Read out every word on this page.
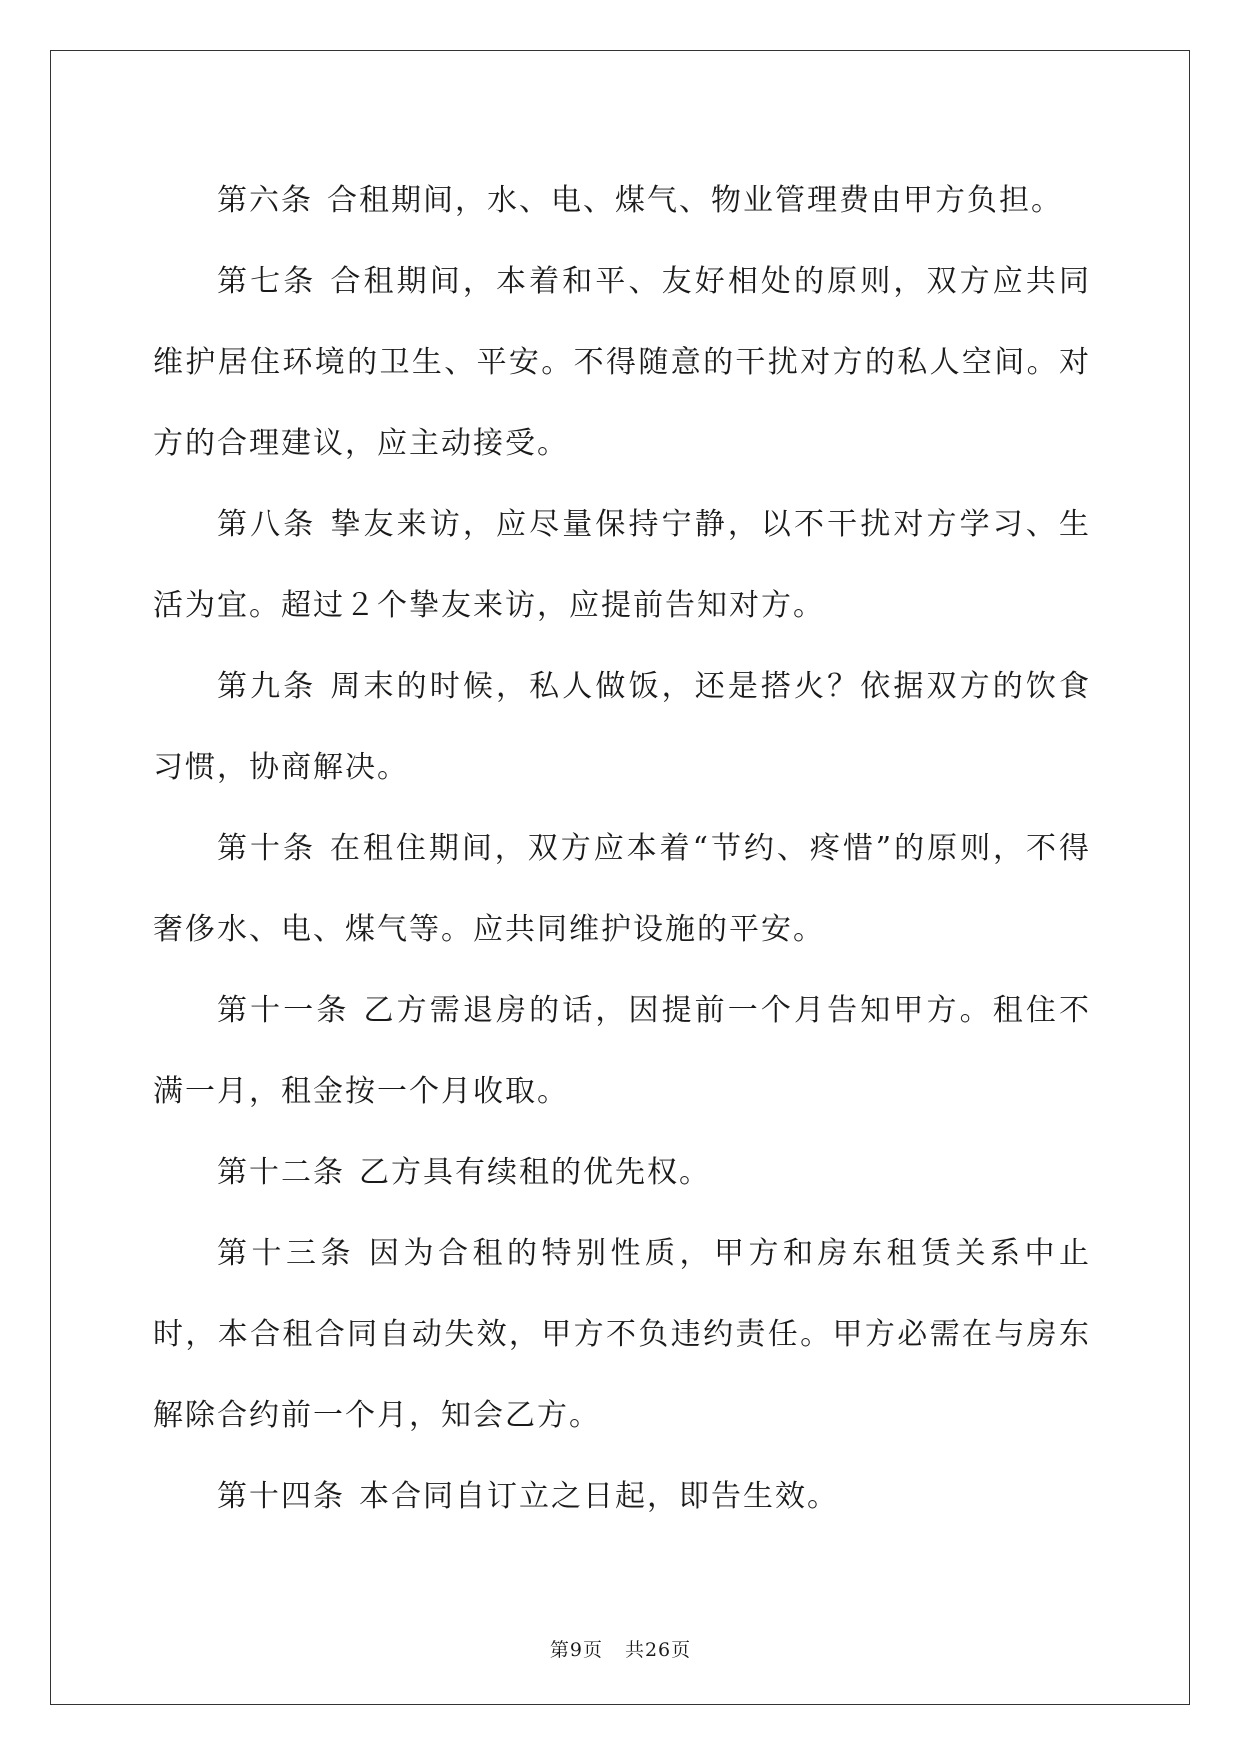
第六条 合租期间，水、电、煤气、物业管理费由甲方负担。

第七条 合租期间，本着和平、友好相处的原则，双方应共同维护居住环境的卫生、平安。不得随意的干扰对方的私人空间。对方的合理建议，应主动接受。

第八条 挚友来访，应尽量保持宁静，以不干扰对方学习、生活为宜。超过２个挚友来访，应提前告知对方。

第九条 周末的时候，私人做饭，还是搭火？依据双方的饮食习惯，协商解决。

第十条 在租住期间，双方应本着“节约、疼惜”的原则，不得奢侈水、电、煤气等。应共同维护设施的平安。

第十一条 乙方需退房的话，因提前一个月告知甲方。租住不满一月，租金按一个月收取。

第十二条 乙方具有续租的优先权。

第十三条 因为合租的特别性质，甲方和房东租赁关系中止时，本合租合同自动失效，甲方不负违约责任。甲方必需在与房东解除合约前一个月，知会乙方。

第十四条 本合同自订立之日起，即告生效。

第9页 共26页
